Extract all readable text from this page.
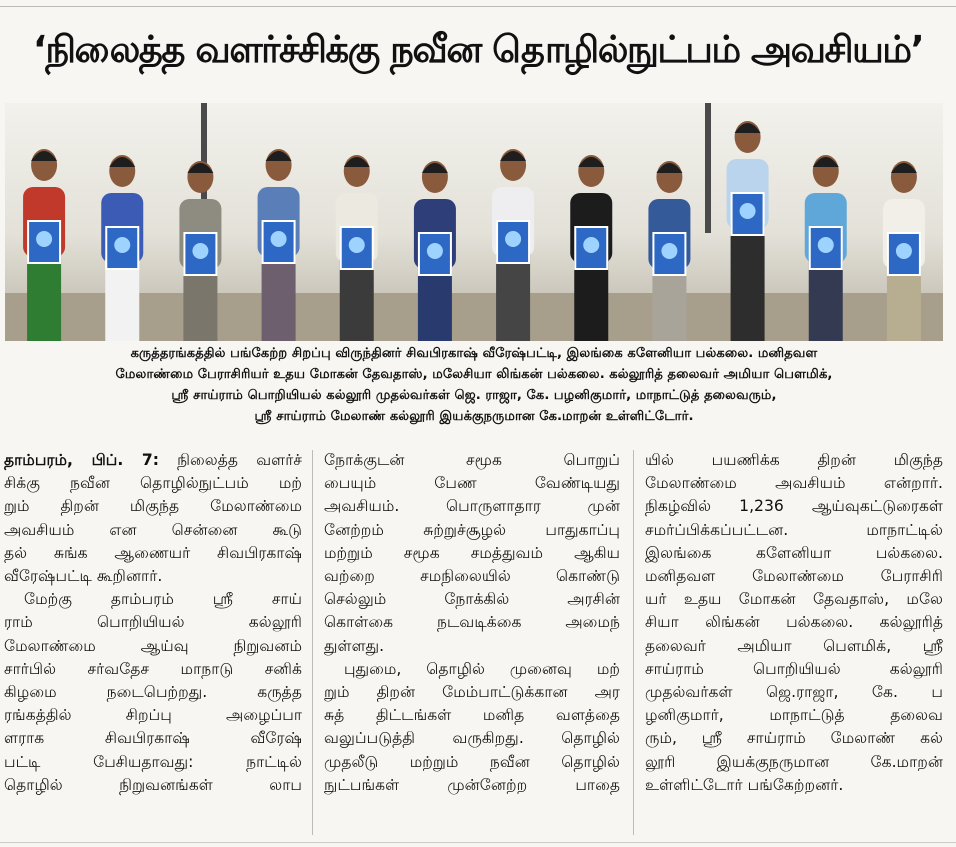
‘நிலைத்த வளர்ச்சிக்கு நவீன தொழில்நுட்பம் அவசியம்’
கருத்தரங்கத்தில் பங்கேற்ற சிறப்பு விருந்தினர் சிவபிரகாஷ் வீரேஷ்பட்டி, இலங்கை களேனியா பல்கலை. மனிதவள
மேலாண்மை பேராசிரியர் உதய மோகன் தேவதாஸ், மலேசியா லிங்கன் பல்கலை. கல்லூரித் தலைவர் அமியா பௌமிக்,
ஸ்ரீ சாய்ராம் பொறியியல் கல்லூரி முதல்வர்கள் ஜெ. ராஜா, கே. பழனிகுமார், மாநாட்டுத் தலைவரும்,
ஸ்ரீ சாய்ராம் மேலாண் கல்லூரி இயக்குநருமான கே.மாறன் உள்ளிட்டோர்.
தாம்பரம், பிப். 7: நிலைத்த வளர்ச்
சிக்கு நவீன தொழில்நுட்பம் மற்
றும் திறன் மிகுந்த மேலாண்மை
அவசியம் என சென்னை கூடு
தல் சுங்க ஆணையர் சிவபிரகாஷ்
வீரேஷ்பட்டி கூறினார்.
மேற்கு தாம்பரம் ஸ்ரீ சாய்
ராம் பொறியியல் கல்லூரி
மேலாண்மை ஆய்வு நிறுவனம்
சார்பில் சர்வதேச மாநாடு சனிக்
கிழமை நடைபெற்றது. கருத்த
ரங்கத்தில் சிறப்பு அழைப்பா
ளராக சிவபிரகாஷ் வீரேஷ்
பட்டி பேசியதாவது: நாட்டில்
தொழில் நிறுவனங்கள் லாப
நோக்குடன் சமூக பொறுப்
பையும் பேண வேண்டியது
அவசியம். பொருளாதார முன்
னேற்றம் சுற்றுச்சூழல் பாதுகாப்பு
மற்றும் சமூக சமத்துவம் ஆகிய
வற்றை சமநிலையில் கொண்டு
செல்லும் நோக்கில் அரசின்
கொள்கை நடவடிக்கை அமைந்
துள்ளது.
புதுமை, தொழில் முனைவு மற்
றும் திறன் மேம்பாட்டுக்கான அர
சுத் திட்டங்கள் மனித வளத்தை
வலுப்படுத்தி வருகிறது. தொழில்
முதலீடு மற்றும் நவீன தொழில்
நுட்பங்கள் முன்னேற்ற பாதை
யில் பயணிக்க திறன் மிகுந்த
மேலாண்மை அவசியம் என்றார்.
நிகழ்வில் 1,236 ஆய்வுகட்டுரைகள்
சமர்ப்பிக்கப்பட்டன. மாநாட்டில்
இலங்கை களேனியா பல்கலை.
மனிதவள மேலாண்மை பேராசிரி
யர் உதய மோகன் தேவதாஸ், மலே
சியா லிங்கன் பல்கலை. கல்லூரித்
தலைவர் அமியா பௌமிக், ஸ்ரீ
சாய்ராம் பொறியியல் கல்லூரி
முதல்வர்கள் ஜெ.ராஜா, கே. ப
ழனிகுமார், மாநாட்டுத் தலைவ
ரும், ஸ்ரீ சாய்ராம் மேலாண் கல்
லூரி இயக்குநருமான கே.மாறன்
உள்ளிட்டோர் பங்கேற்றனர்.
